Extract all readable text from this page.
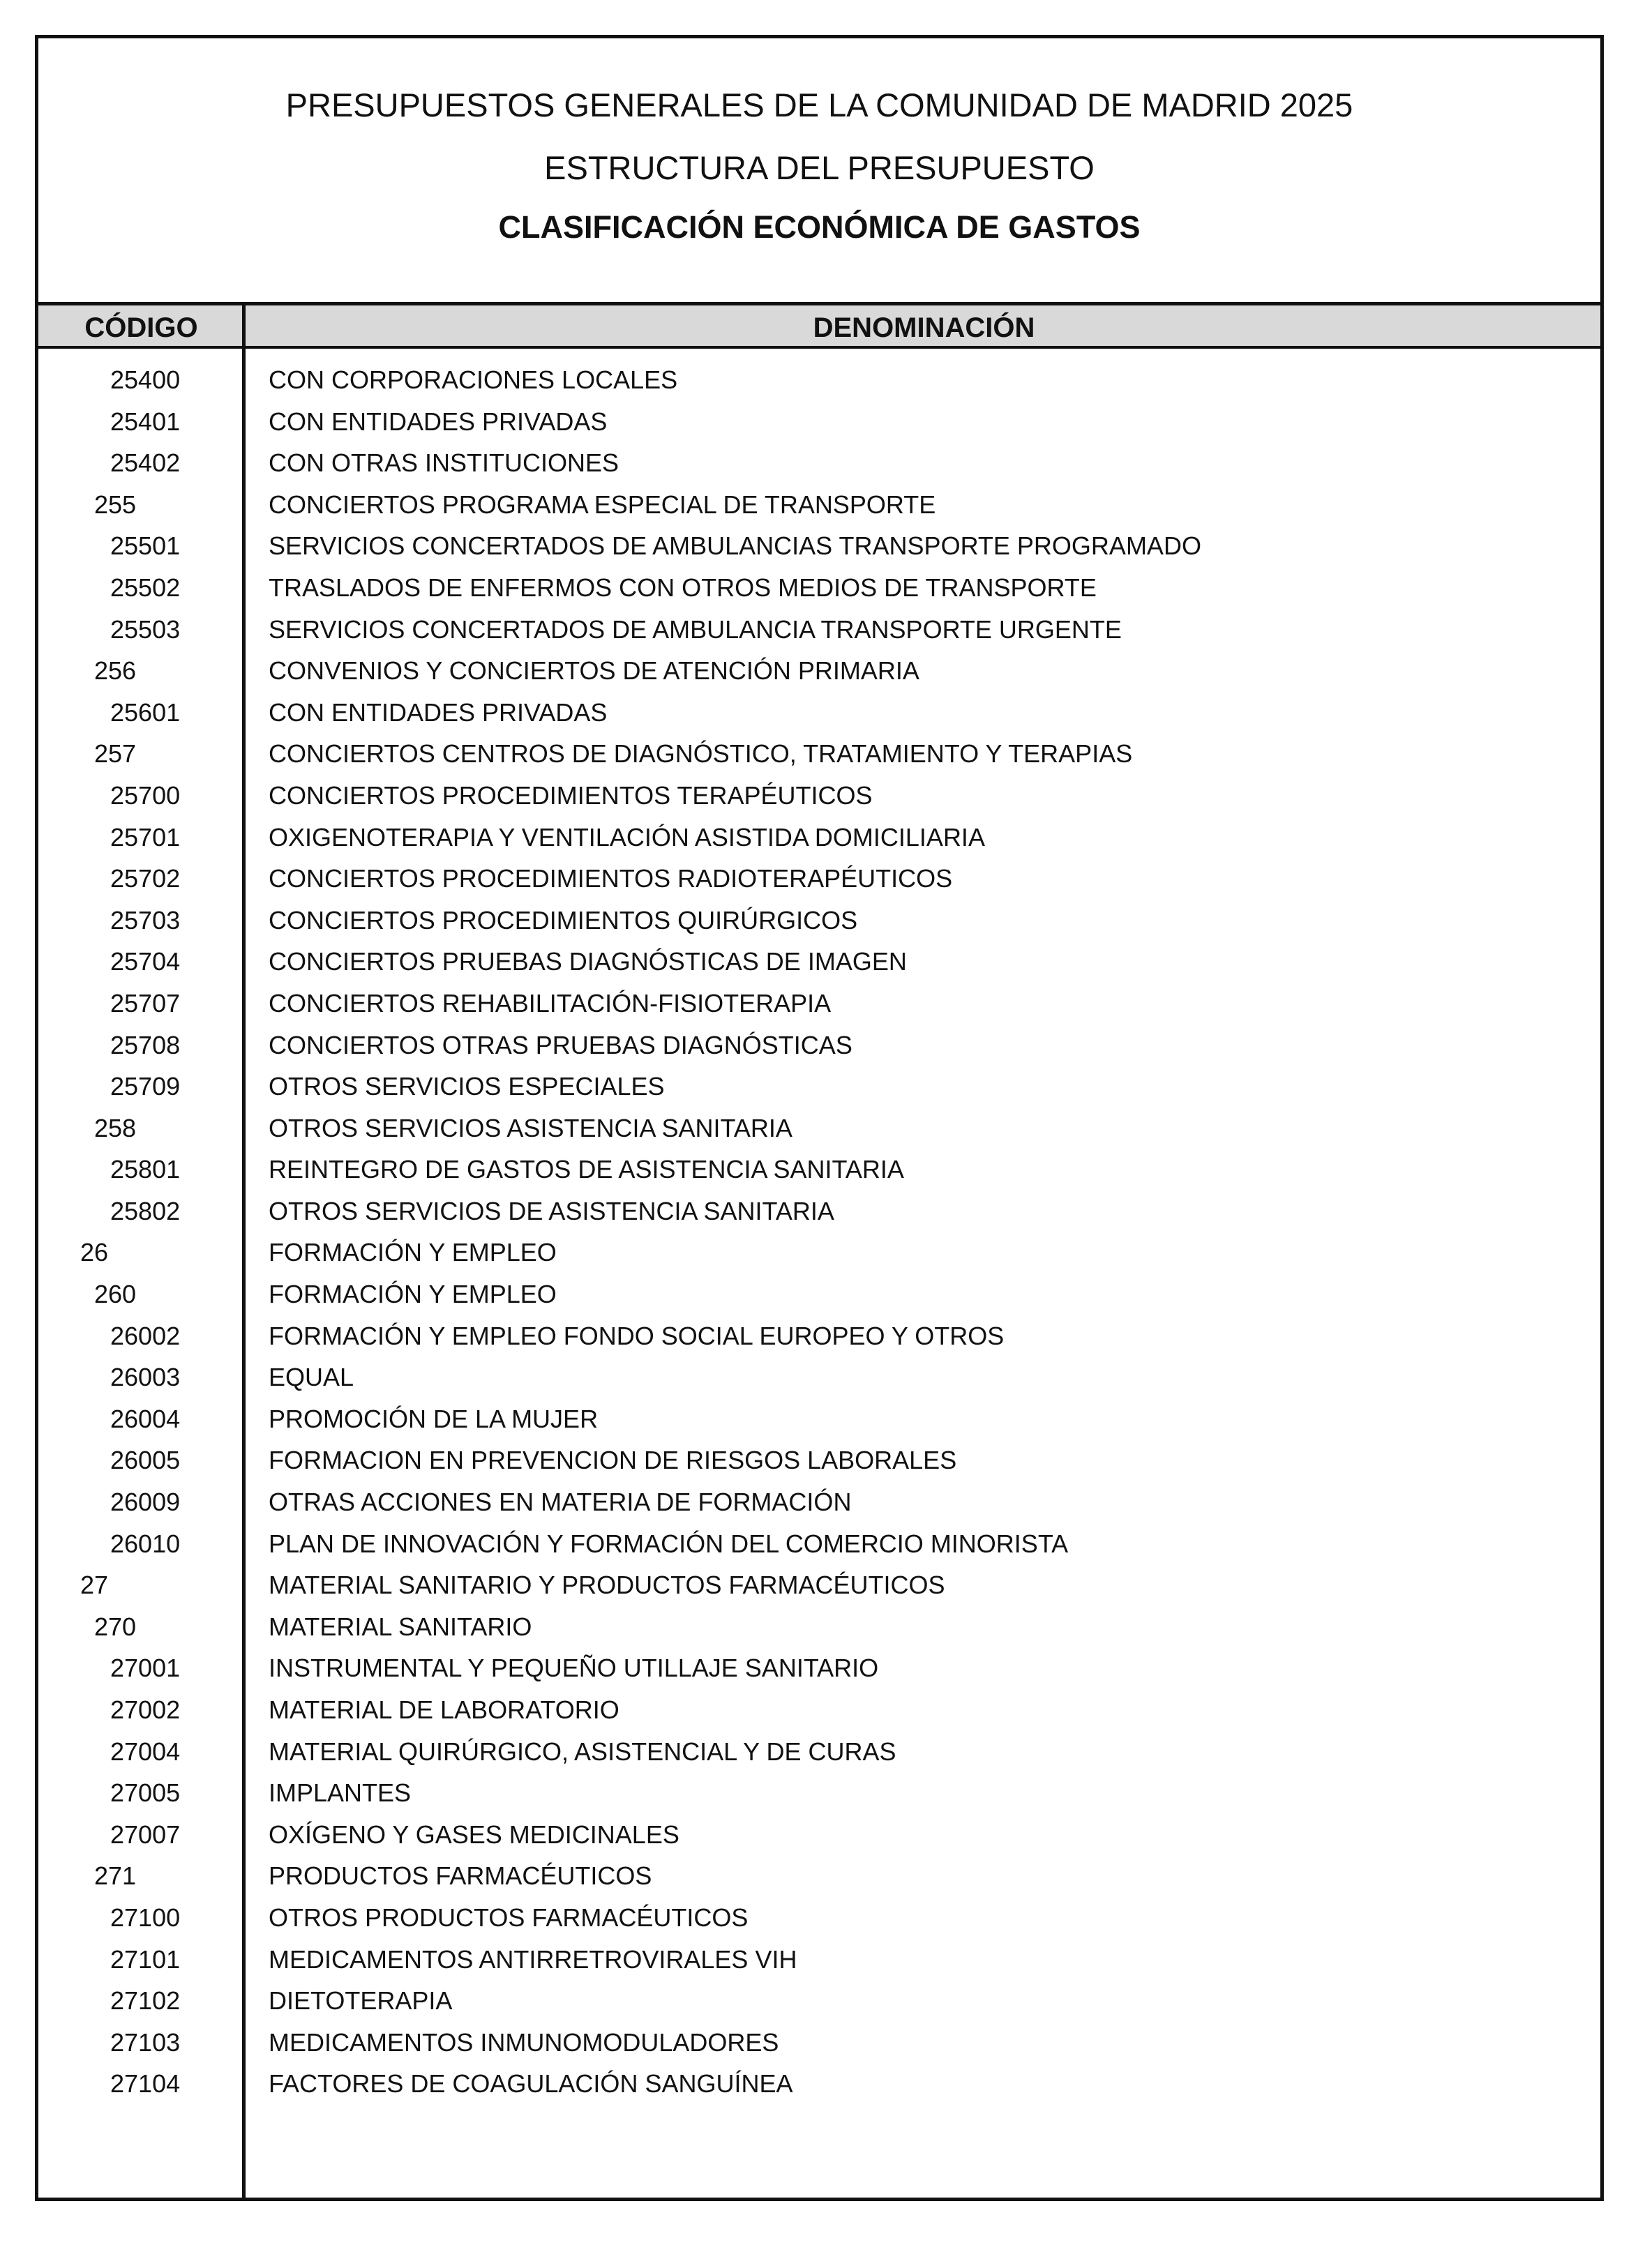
PRESUPUESTOS GENERALES DE LA COMUNIDAD DE MADRID 2025
ESTRUCTURA DEL PRESUPUESTO
CLASIFICACIÓN ECONÓMICA DE GASTOS
CÓDIGO	DENOMINACIÓN
25400	CON CORPORACIONES LOCALES
25401	CON ENTIDADES PRIVADAS
25402	CON OTRAS INSTITUCIONES
255	CONCIERTOS PROGRAMA ESPECIAL DE TRANSPORTE
25501	SERVICIOS CONCERTADOS DE AMBULANCIAS TRANSPORTE PROGRAMADO
25502	TRASLADOS DE ENFERMOS CON OTROS MEDIOS DE TRANSPORTE
25503	SERVICIOS CONCERTADOS DE AMBULANCIA TRANSPORTE URGENTE
256	CONVENIOS Y CONCIERTOS DE ATENCIÓN PRIMARIA
25601	CON ENTIDADES PRIVADAS
257	CONCIERTOS CENTROS DE DIAGNÓSTICO, TRATAMIENTO Y TERAPIAS
25700	CONCIERTOS PROCEDIMIENTOS TERAPÉUTICOS
25701	OXIGENOTERAPIA Y VENTILACIÓN ASISTIDA DOMICILIARIA
25702	CONCIERTOS PROCEDIMIENTOS RADIOTERAPÉUTICOS
25703	CONCIERTOS PROCEDIMIENTOS QUIRÚRGICOS
25704	CONCIERTOS PRUEBAS DIAGNÓSTICAS DE IMAGEN
25707	CONCIERTOS REHABILITACIÓN-FISIOTERAPIA
25708	CONCIERTOS OTRAS PRUEBAS DIAGNÓSTICAS
25709	OTROS SERVICIOS ESPECIALES
258	OTROS SERVICIOS ASISTENCIA SANITARIA
25801	REINTEGRO DE GASTOS DE ASISTENCIA SANITARIA
25802	OTROS SERVICIOS DE ASISTENCIA SANITARIA
26	FORMACIÓN Y EMPLEO
260	FORMACIÓN Y EMPLEO
26002	FORMACIÓN Y EMPLEO FONDO SOCIAL EUROPEO Y OTROS
26003	EQUAL
26004	PROMOCIÓN DE LA MUJER
26005	FORMACION EN PREVENCION DE RIESGOS LABORALES
26009	OTRAS ACCIONES EN MATERIA DE FORMACIÓN
26010	PLAN DE INNOVACIÓN Y FORMACIÓN DEL COMERCIO MINORISTA
27	MATERIAL SANITARIO Y PRODUCTOS FARMACÉUTICOS
270	MATERIAL SANITARIO
27001	INSTRUMENTAL Y PEQUEÑO UTILLAJE SANITARIO
27002	MATERIAL DE LABORATORIO
27004	MATERIAL QUIRÚRGICO, ASISTENCIAL Y DE CURAS
27005	IMPLANTES
27007	OXÍGENO Y GASES MEDICINALES
271	PRODUCTOS FARMACÉUTICOS
27100	OTROS PRODUCTOS FARMACÉUTICOS
27101	MEDICAMENTOS ANTIRRETROVIRALES VIH
27102	DIETOTERAPIA
27103	MEDICAMENTOS INMUNOMODULADORES
27104	FACTORES DE COAGULACIÓN SANGUÍNEA
